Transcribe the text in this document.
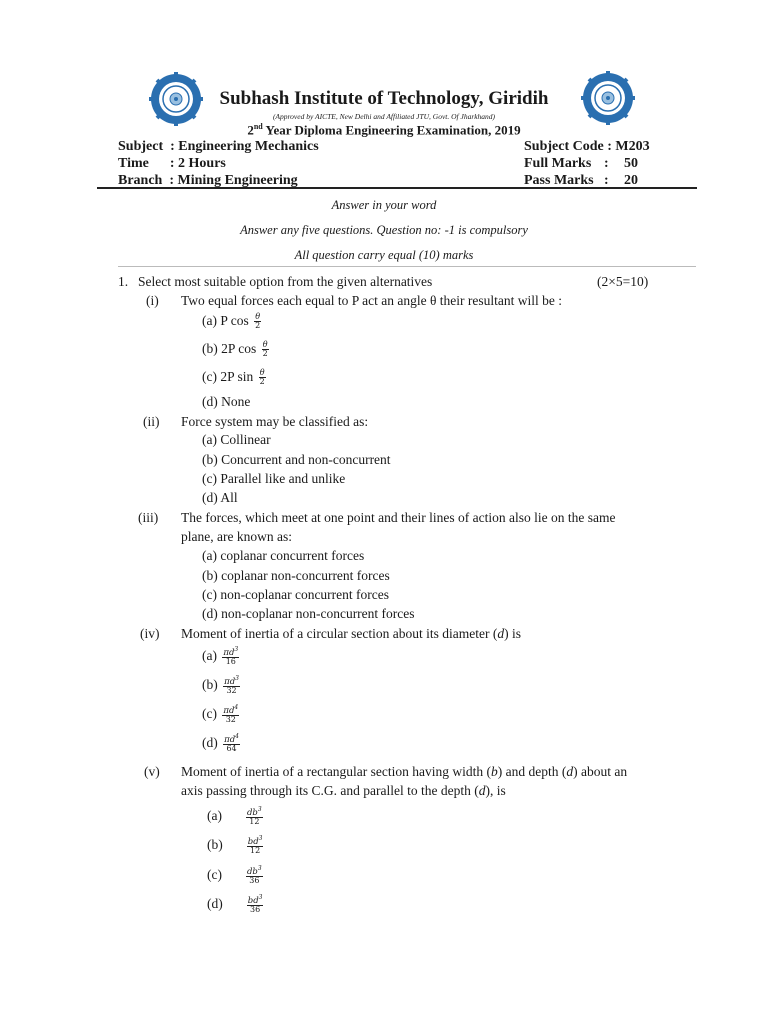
Subhash Institute of Technology, Giridih
(Approved by AICTE, New Delhi and Affiliated JTU, Govt. Of Jharkhand)
2nd Year Diploma Engineering Examination, 2019
Subject  : Engineering Mechanics
Time      : 2 Hours
Branch  : Mining Engineering
Subject Code : M203
Full Marks : 50
Pass Marks : 20
Answer in your word
Answer any five questions. Question no: -1 is compulsory
All question carry equal (10) marks
1. Select most suitable option from the given alternatives	(2×5=10)
(i) Two equal forces each equal to P act an angle θ their resultant will be :
(a) P $\cos \frac{\theta}{2}$
(b) 2P $\cos \frac{\theta}{2}$
(c) 2P $\sin \frac{\theta}{2}$
(d) None
(ii) Force system may be classified as:
(a) Collinear
(b) Concurrent and non-concurrent
(c) Parallel like and unlike
(d) All
(iii) The forces, which meet at one point and their lines of action also lie on the same
plane, are known as:
(a) coplanar concurrent forces
(b) coplanar non-concurrent forces
(c) non-coplanar concurrent forces
(d) non-coplanar non-concurrent forces
(iv) Moment of inertia of a circular section about its diameter (d) is
$(a) \frac{\pi d^3}{16}$
$(b) \frac{\pi d^3}{32}$
$(c) \frac{\pi d^4}{32}$
$(d) \frac{\pi d^4}{64}$
(v) Moment of inertia of a rectangular section having width (b) and depth (d) about an
axis passing through its C.G. and parallel to the depth (d), is
(a)	$\frac{db^3}{12}$
(b)	$\frac{bd^3}{12}$
(c)	$\frac{db^3}{36}$
(d)	$\frac{bd^3}{36}$
